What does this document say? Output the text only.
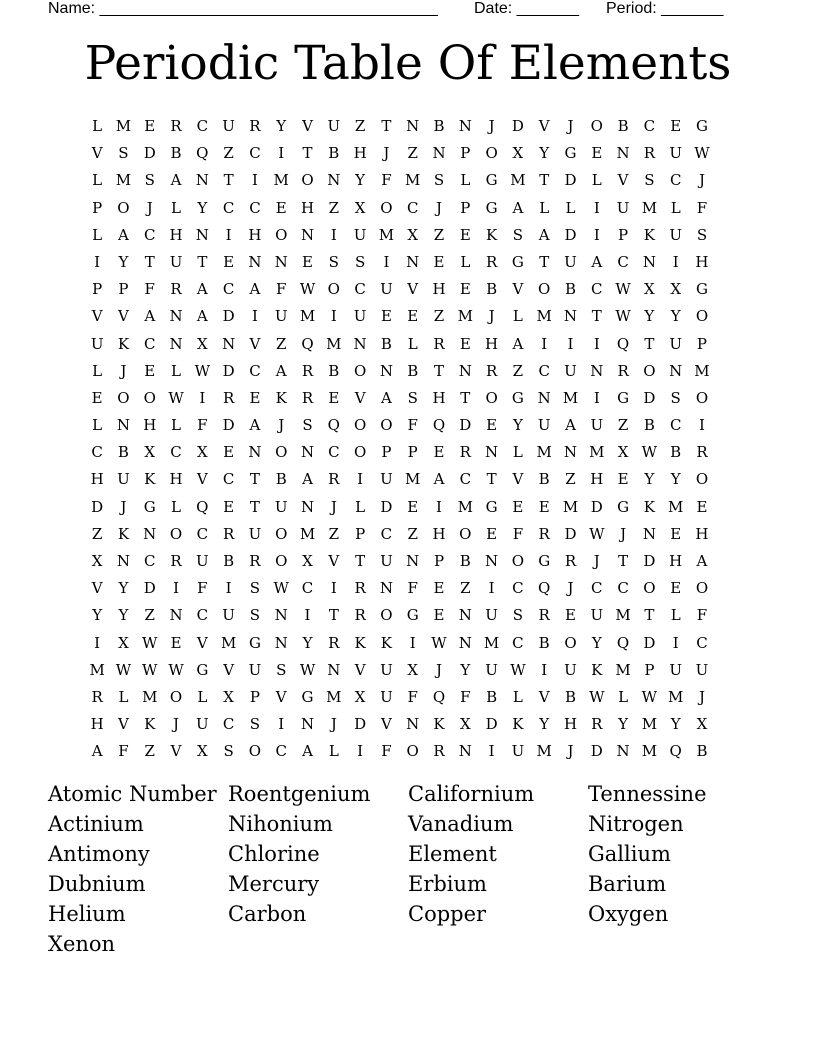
Name: ______________________________________ Date: _______ Period: _______
Periodic Table Of Elements
L M E	R C U R	Y	V U Z	T N B N	J	D V	J	O B	C	E G
V	S	D B Q Z	C	I	T	B H	J	Z N P	O X	Y	G E N R U W
L M S	A N T	I	M O N Y	F M S	L	G M T	D	L	V	S	C	J
P	O	J	L	Y	C C	E H Z	X O C	J	P	G A	L	L	I	U M L	F
L	A	C H N	I	H O N	I	U M X	Z	E	K	S	A D	I	P	K U S
I	Y	T U T	E N N E	S	S	I	N E	L	R G	T U A	C N	I	H
P	P	F	R	A	C	A	F W O C U V H E	B	V O B	C W X	X G
V	V	A N A D	I	U M	I	U E	E	Z M	J	L M N T W Y	Y	O
U K C N X N V	Z Q M N B	L	R	E H A	I	I	I	Q	T U P
L	J	E	L W D C	A	R	B O N B	T N R	Z	C U N R O N M
E O O W	I	R	E	K	R	E	V	A	S H T	O G N M	I	G D	S	O
L N H L	F	D A	J	S	Q O O F Q D E	Y	U A U Z	B	C	I
C	B	X	C	X	E N O N C O	P	P	E	R N L M N M X W B	R
H U K H V	C	T	B	A	R	I	U M A	C	T	V	B	Z H E	Y	Y	O
D	J	G	L	Q E	T U N	J	L	D E	I	M G E	E M D G K M E
Z	K N O C R U O M Z	P	C	Z H O E	F	R D W	J	N E H
X N C R U B	R O X	V	T U N P	B N O G R	J	T	D H A
V	Y	D	I	F	I	S W C	I	R N F	E	Z	I	C Q	J	C C O E O
Y	Y	Z N C U S N	I	T	R O G E N U S	R	E U M T	L	F
I	X W E	V M G N Y	R	K	K	I	W N M C	B O	Y	Q D	I	C
M W W W G V U S W N V U X	J	Y	U W	I	U K M P U U
R	L M O	L	X	P	V G M X U F Q F	B	L	V	B W L W M	J
H V	K	J	U C	S	I	N	J	D V N K	X D K	Y H R	Y M Y	X
A	F	Z	V	X	S	O C	A	L	I	F O R N	I	U M	J	D N M Q B
Atomic Number Roentgenium	Californium	Tennessine
Actinium	Nihonium	Vanadium	Nitrogen
Antimony	Chlorine	Element	Gallium
Dubnium	Mercury	Erbium	Barium
Helium	Carbon	Copper	Oxygen
Xenon
